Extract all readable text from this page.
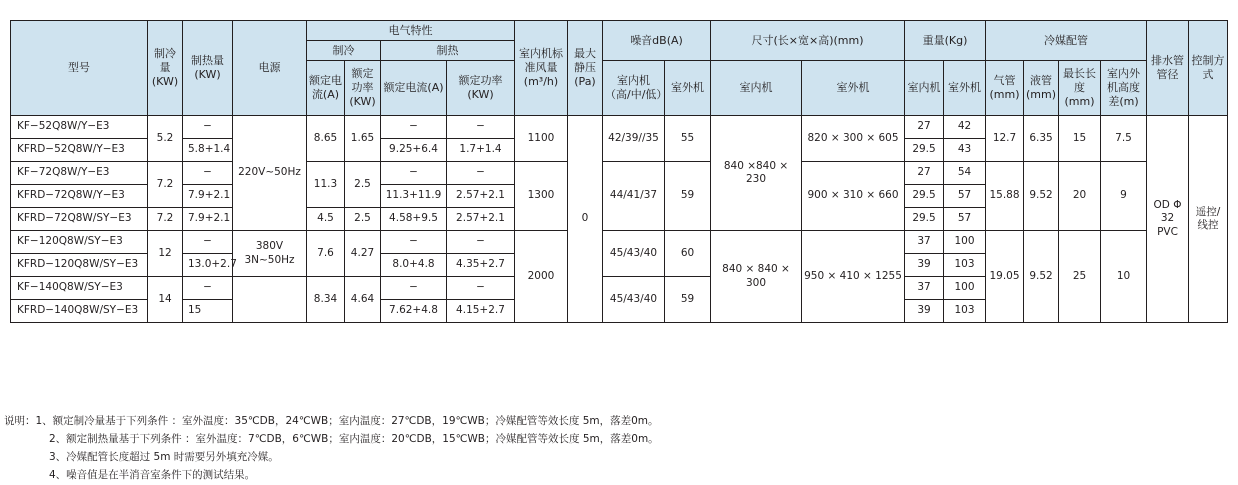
型号	制冷量(KW)	制热量(KW)	电源	电气特性				室内机标准风量(m³/h)	最大静压(Pa)	噪音dB(A)		尺寸(长×宽×高)(mm)		重量(Kg)		冷媒配管				排水管管径	控制方式
				制冷		制热															
				额定电流(A)	额定功率(KW)	额定电流(A)	额定功率(KW)			室内机（高/中/低）	室外机	室内机	室外机	室内机	室外机	气管(mm)	液管(mm)	最长长度(mm)	室内外机高度差(m)		
KF−52Q8W/Y−E3	5.2	−	220V~50Hz	8.65	1.65	−	−	1100	0	42/39//35	55	840 ×840 × 230	820 × 300 × 605	27	42	12.7	6.35	15	7.5	OD Φ 32 PVC	遥控/线控
KFRD−52Q8W/Y−E3		5.8+1.4				9.25+6.4	1.7+1.4							29.5	43						
KF−72Q8W/Y−E3	7.2	−		11.3	2.5	−	−	1300		44/41/37	59		900 × 310 × 660	27	54	15.88	9.52	20	9		
KFRD−72Q8W/Y−E3		7.9+2.1				11.3+11.9	2.57+2.1							29.5	57						
KFRD−72Q8W/SY−E3	7.2	7.9+2.1		4.5	2.5	4.58+9.5	2.57+2.1							29.5	57						
KF−120Q8W/SY−E3	12	−	380V 3N~50Hz	7.6	4.27	−	−	2000		45/43/40	60	840 × 840 × 300	950 × 410 × 1255	37	100	19.05	9.52	25	10		
KFRD−120Q8W/SY−E3		13.0+2.7				8.0+4.8	4.35+2.7							39	103						
KF−140Q8W/SY−E3	14	−		8.34	4.64	−	−			45/43/40	59			37	100						
KFRD−140Q8W/SY−E3		15				7.62+4.8	4.15+2.7							39	103						
说明：1、额定制冷量基于下列条件 ：室外温度：35℃DB，24℃WB；室内温度：27℃DB，19℃WB；冷媒配管等效长度 5m，落差0m。
2、额定制热量基于下列条件 ：室外温度：7℃DB，6℃WB；室内温度：20℃DB，15℃WB；冷媒配管等效长度 5m，落差0m。
3、冷媒配管长度超过 5m 时需要另外填充冷媒。
4、噪音值是在半消音室条件下的测试结果。
